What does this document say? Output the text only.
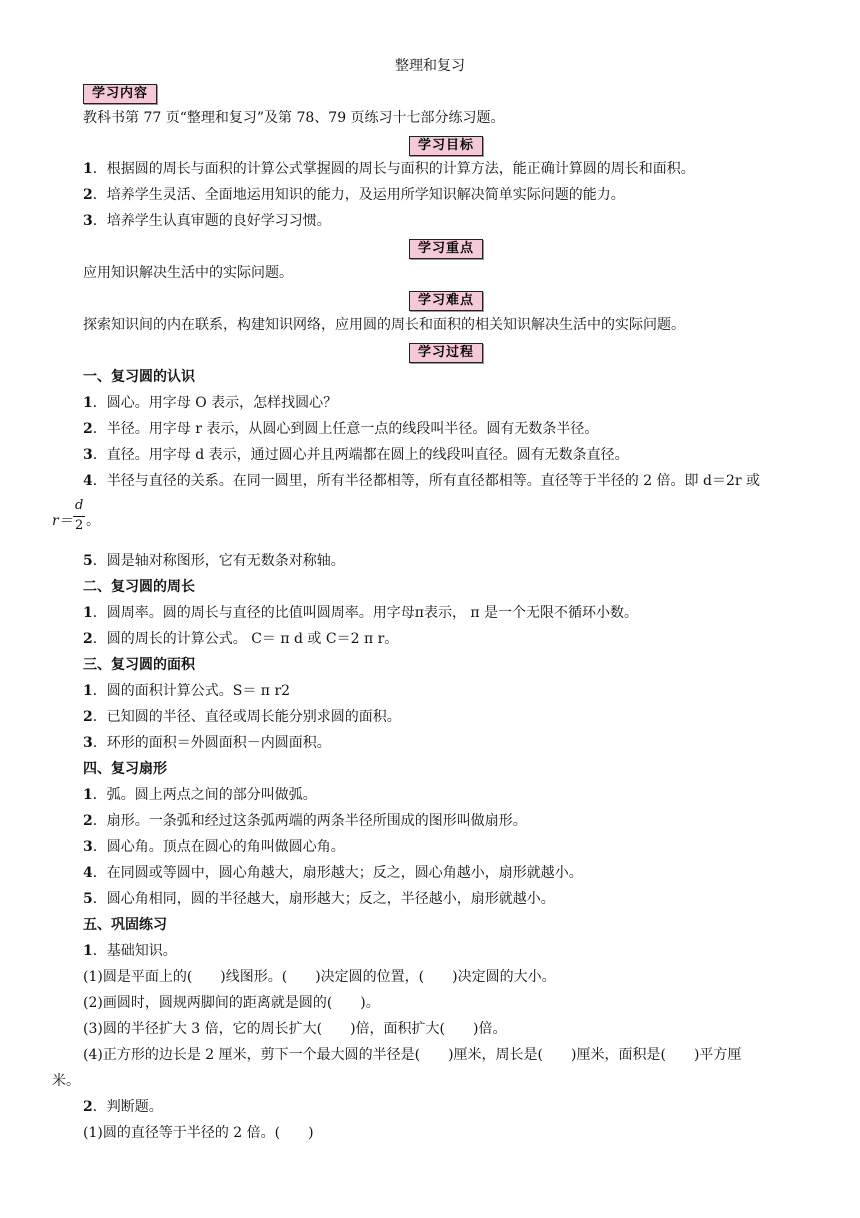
整理和复习
学习内容
教科书第 77 页“整理和复习”及第 78、79 页练习十七部分练习题。
学习目标
1．根据圆的周长与面积的计算公式掌握圆的周长与面积的计算方法，能正确计算圆的周长和面积。
2．培养学生灵活、全面地运用知识的能力，及运用所学知识解决简单实际问题的能力。
3．培养学生认真审题的良好学习习惯。
学习重点
应用知识解决生活中的实际问题。
学习难点
探索知识间的内在联系，构建知识网络，应用圆的周长和面积的相关知识解决生活中的实际问题。
学习过程
一、复习圆的认识
1．圆心。用字母 O 表示，怎样找圆心？
2．半径。用字母 r 表示，从圆心到圆上任意一点的线段叫半径。圆有无数条半径。
3．直径。用字母 d 表示，通过圆心并且两端都在圆上的线段叫直径。圆有无数条直径。
4．半径与直径的关系。在同一圆里，所有半径都相等，所有直径都相等。直径等于半径的 2 倍。即 d＝2r 或
r＝
d
2 。
5．圆是轴对称图形，它有无数条对称轴。
二、复习圆的周长
1．圆周率。圆的周长与直径的比值叫圆周率。用字母π表示， π 是一个无限不循环小数。
2．圆的周长的计算公式。 C＝ π d 或 C＝2 π r。
三、复习圆的面积
1．圆的面积计算公式。S＝ π r2
2．已知圆的半径、直径或周长能分别求圆的面积。
3．环形的面积＝外圆面积－内圆面积。
四、复习扇形
1．弧。圆上两点之间的部分叫做弧。
2．扇形。一条弧和经过这条弧两端的两条半径所围成的图形叫做扇形。
3．圆心角。顶点在圆心的角叫做圆心角。
4．在同圆或等圆中，圆心角越大，扇形越大；反之，圆心角越小，扇形就越小。
5．圆心角相同，圆的半径越大，扇形越大；反之，半径越小，扇形就越小。
五、巩固练习
1．基础知识。
(1)圆是平面上的(　　)线图形。(　　)决定圆的位置，(　　)决定圆的大小。
(2)画圆时，圆规两脚间的距离就是圆的(　　)。
(3)圆的半径扩大 3 倍，它的周长扩大(　　)倍，面积扩大(　　)倍。
(4)正方形的边长是 2 厘米，剪下一个最大圆的半径是(　　)厘米，周长是(　　)厘米，面积是(　　)平方厘
米。
2．判断题。
(1)圆的直径等于半径的 2 倍。(　　)
